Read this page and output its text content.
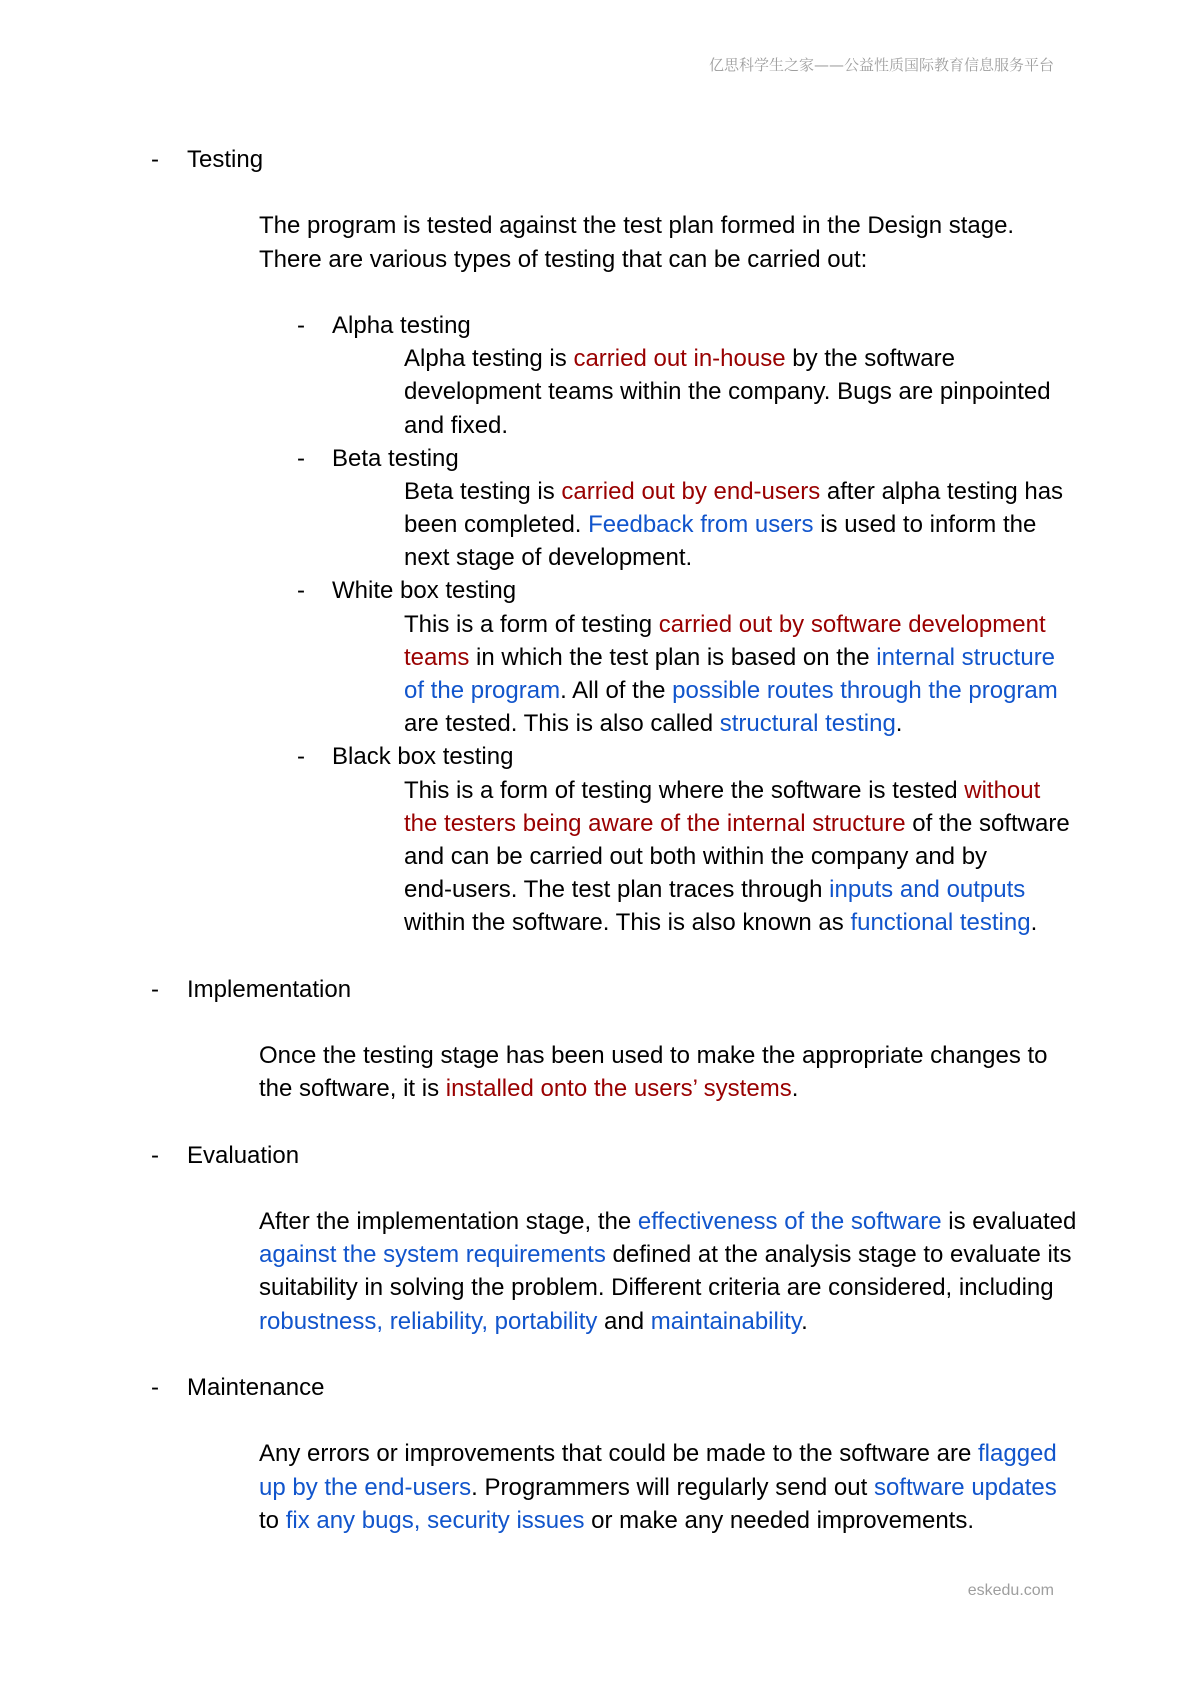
亿思科学生之家——公益性质国际教育信息服务平台
- Testing
The program is tested against the test plan formed in the Design stage.
There are various types of testing that can be carried out:
- Alpha testing
Alpha testing is carried out in-house by the software
development teams within the company. Bugs are pinpointed
and fixed.
- Beta testing
Beta testing is carried out by end-users after alpha testing has
been completed. Feedback from users is used to inform the
next stage of development.
- White box testing
This is a form of testing carried out by software development
teams in which the test plan is based on the internal structure
of the program. All of the possible routes through the program
are tested. This is also called structural testing.
- Black box testing
This is a form of testing where the software is tested without
the testers being aware of the internal structure of the software
and can be carried out both within the company and by
end-users. The test plan traces through inputs and outputs
within the software. This is also known as functional testing.
- Implementation
Once the testing stage has been used to make the appropriate changes to
the software, it is installed onto the users’ systems.
- Evaluation
After the implementation stage, the effectiveness of the software is evaluated
against the system requirements defined at the analysis stage to evaluate its
suitability in solving the problem. Different criteria are considered, including
robustness, reliability, portability and maintainability.
- Maintenance
Any errors or improvements that could be made to the software are flagged
up by the end-users. Programmers will regularly send out software updates
to fix any bugs, security issues or make any needed improvements.
eskedu.com
